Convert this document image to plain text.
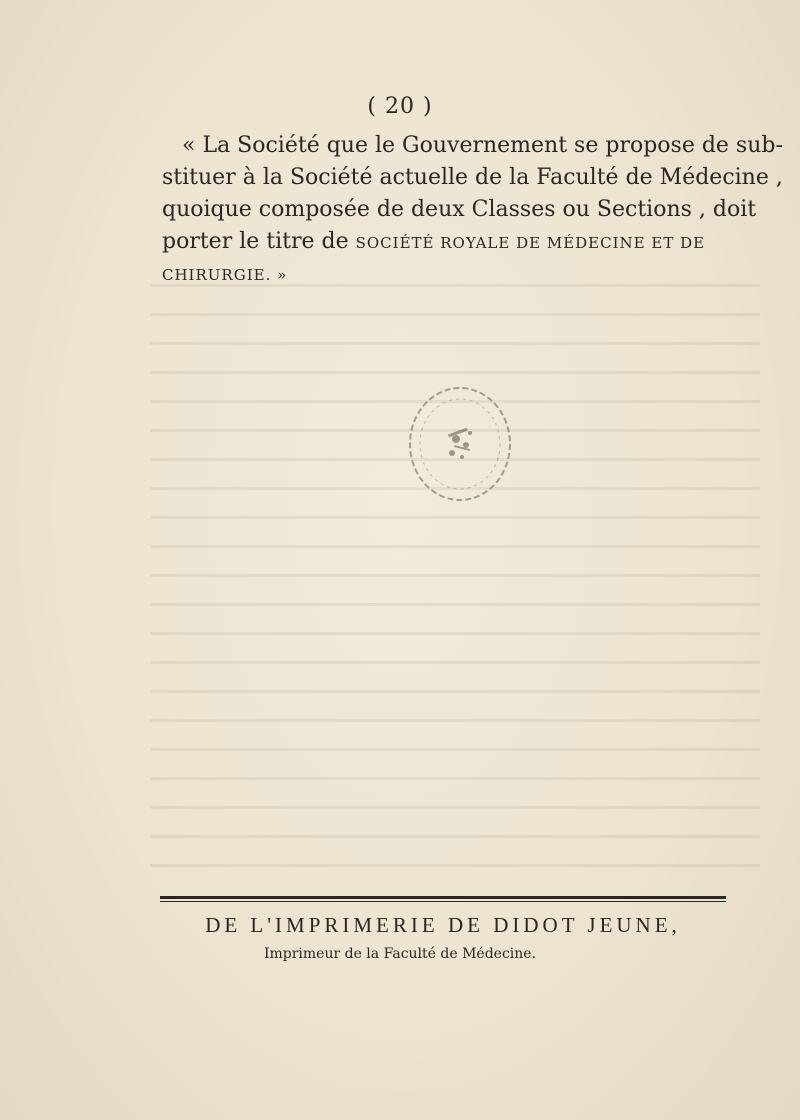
( 20 )
« La Société que le Gouvernement se propose de sub-
stituer à la Société actuelle de la Faculté de Médecine ,
quoique composée de deux Classes ou Sections , doit
porter le titre de SOCIÉTÉ ROYALE DE MÉDECINE ET DE
CHIRURGIE. »
DE L'IMPRIMERIE DE DIDOT JEUNE,
Imprimeur de la Faculté de Médecine.
